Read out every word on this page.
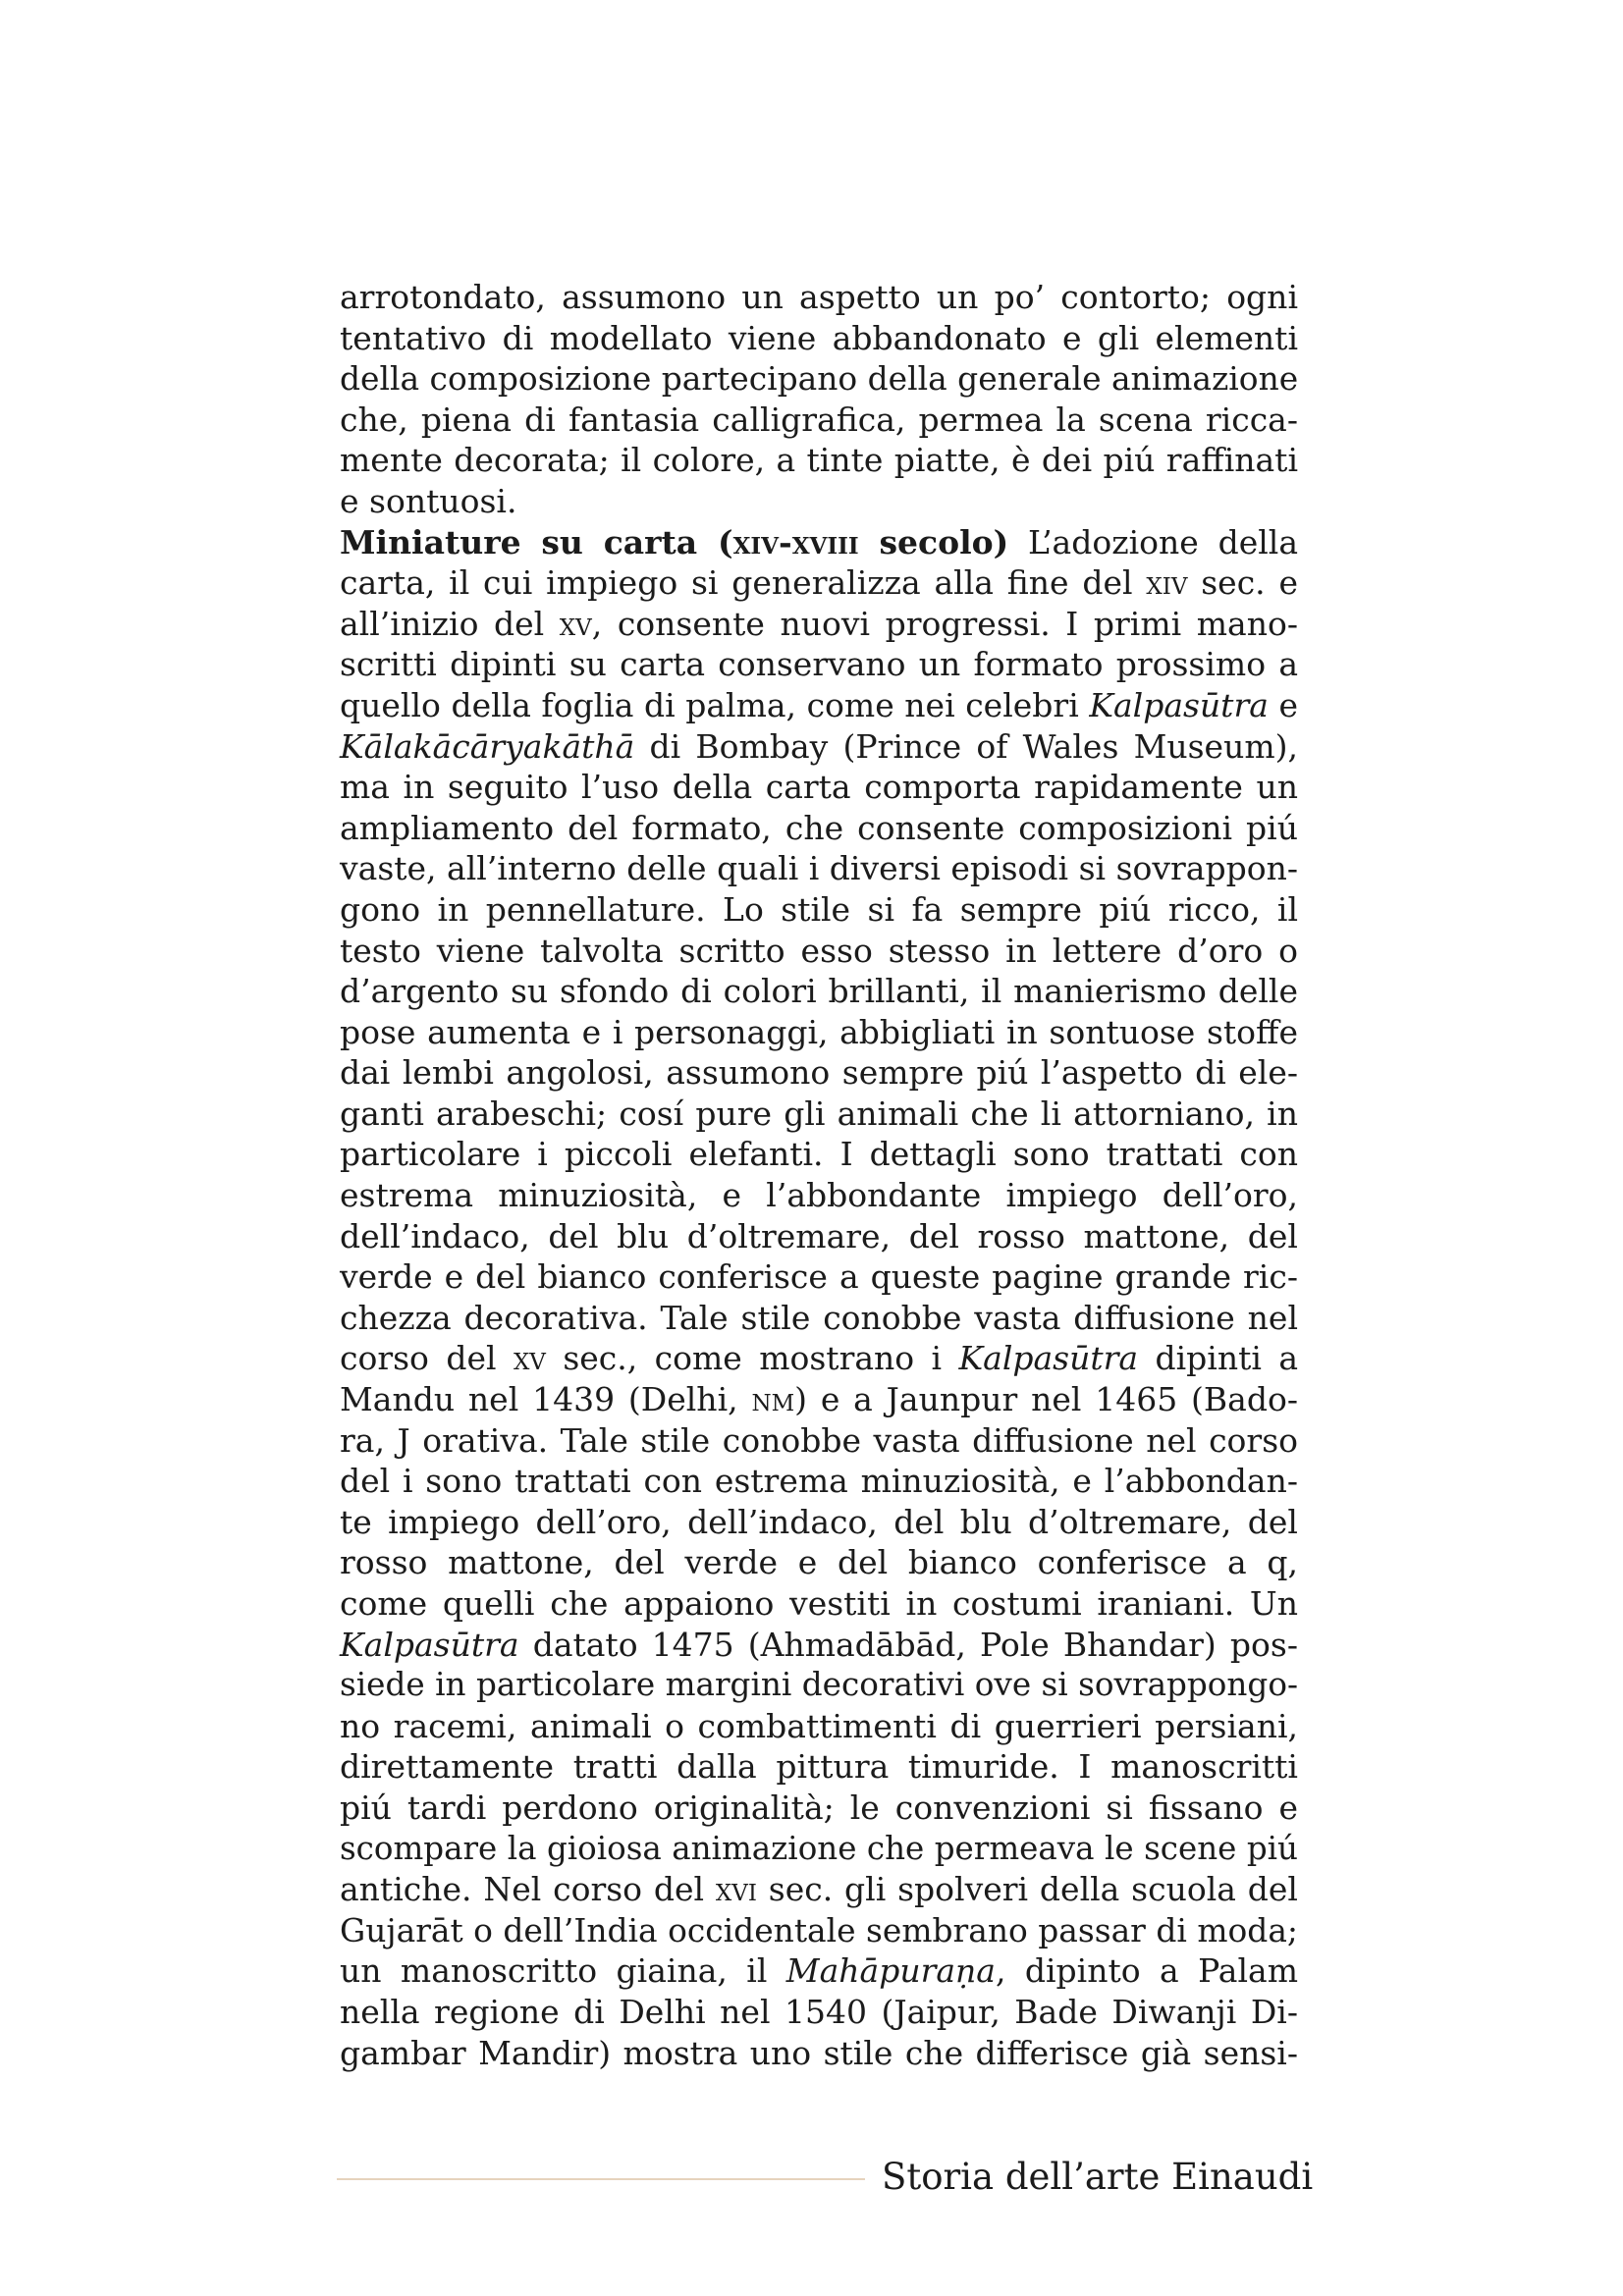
arrotondato, assumono un aspetto un po’ contorto; ogni
tentativo di modellato viene abbandonato e gli elementi
della composizione partecipano della generale animazione
che, piena di fantasia calligrafica, permea la scena ricca-
mente decorata; il colore, a tinte piatte, è dei piú raffinati
e sontuosi.
Miniature su carta (xiv-xviii secolo) L’adozione della
carta, il cui impiego si generalizza alla fine del xiv sec. e
all’inizio del xv, consente nuovi progressi. I primi mano-
scritti dipinti su carta conservano un formato prossimo a
quello della foglia di palma, come nei celebri Kalpasūtra e
Kālakācāryakāthā di Bombay (Prince of Wales Museum),
ma in seguito l’uso della carta comporta rapidamente un
ampliamento del formato, che consente composizioni piú
vaste, all’interno delle quali i diversi episodi si sovrappon-
gono in pennellature. Lo stile si fa sempre piú ricco, il
testo viene talvolta scritto esso stesso in lettere d’oro o
d’argento su sfondo di colori brillanti, il manierismo delle
pose aumenta e i personaggi, abbigliati in sontuose stoffe
dai lembi angolosi, assumono sempre piú l’aspetto di ele-
ganti arabeschi; cosí pure gli animali che li attorniano, in
particolare i piccoli elefanti. I dettagli sono trattati con
estrema minuziosità, e l’abbondante impiego dell’oro,
dell’indaco, del blu d’oltremare, del rosso mattone, del
verde e del bianco conferisce a queste pagine grande ric-
chezza decorativa. Tale stile conobbe vasta diffusione nel
corso del xv sec., come mostrano i Kalpasūtra dipinti a
Mandu nel 1439 (Delhi, nm) e a Jaunpur nel 1465 (Bado-
ra, J orativa. Tale stile conobbe vasta diffusione nel corso
del i sono trattati con estrema minuziosità, e l’abbondan-
te impiego dell’oro, dell’indaco, del blu d’oltremare, del
rosso mattone, del verde e del bianco conferisce a q,
come quelli che appaiono vestiti in costumi iraniani. Un
Kalpasūtra datato 1475 (Ahmadābād, Pole Bhandar) pos-
siede in particolare margini decorativi ove si sovrappongo-
no racemi, animali o combattimenti di guerrieri persiani,
direttamente tratti dalla pittura timuride. I manoscritti
piú tardi perdono originalità; le convenzioni si fissano e
scompare la gioiosa animazione che permeava le scene piú
antiche. Nel corso del xvi sec. gli spolveri della scuola del
Gujarāt o dell’India occidentale sembrano passar di moda;
un manoscritto giaina, il Mahāpuraṇa, dipinto a Palam
nella regione di Delhi nel 1540 (Jaipur, Bade Diwanji Di-
gambar Mandir) mostra uno stile che differisce già sensi-
Storia dell’arte Einaudi
